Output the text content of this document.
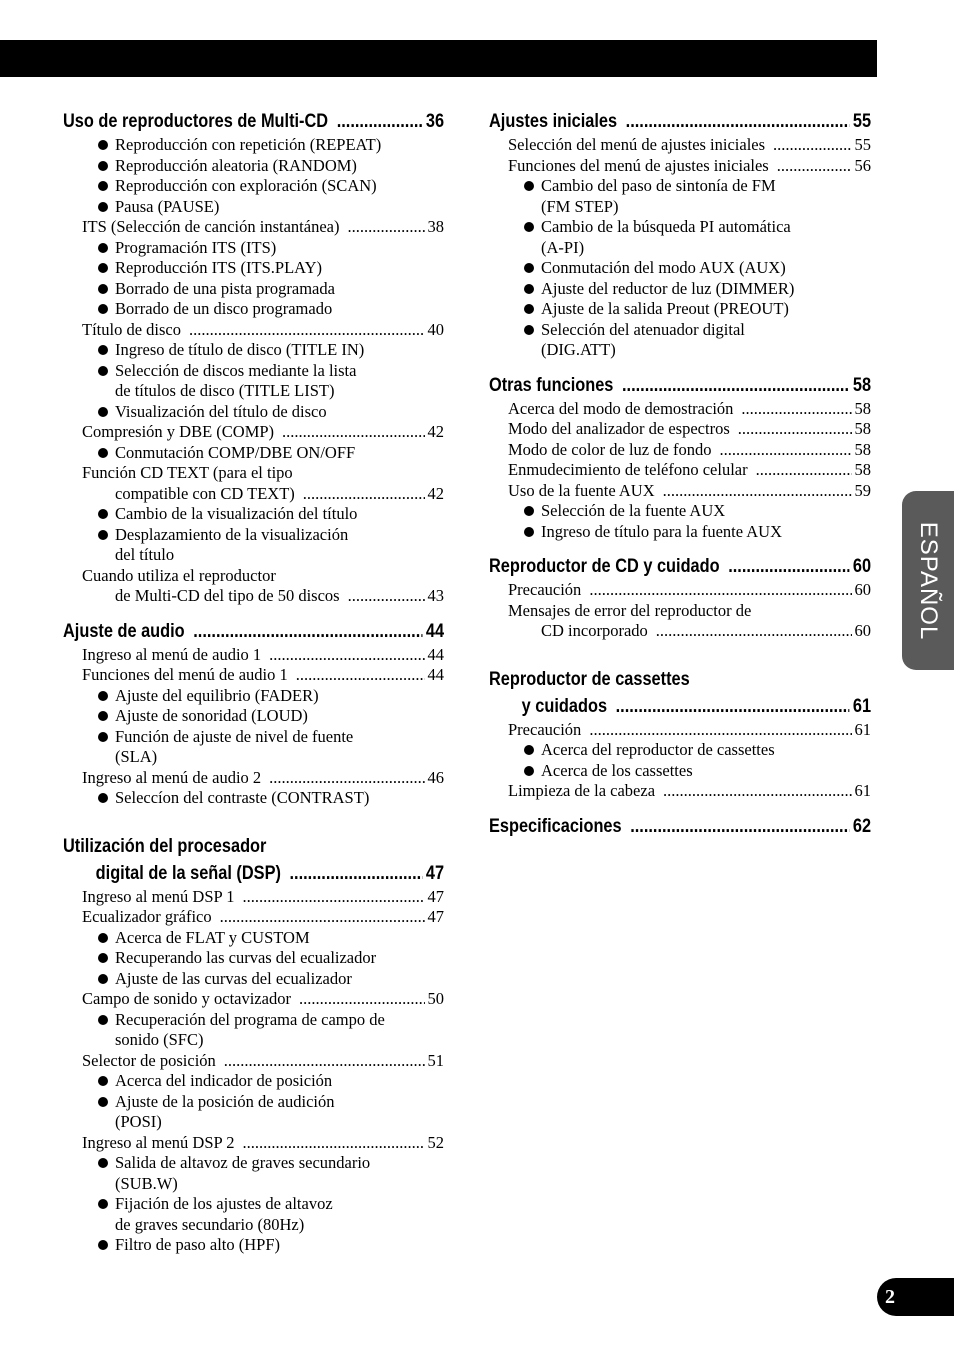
Uso de reproductores de Multi-CD .....	36
Reproducción con repetición (REPEAT)
Reproducción aleatoria (RANDOM)
Reproducción con exploración (SCAN)
Pausa (PAUSE)
ITS (Selección de canción instantánea) .....	38
Programación ITS (ITS)
Reproducción ITS (ITS.PLAY)
Borrado de una pista programada
Borrado de un disco programado
Título de disco .....	40
Ingreso de título de disco (TITLE IN)
Selección de discos mediante la lista
de títulos de disco (TITLE LIST)
Visualización del título de disco
Compresión y DBE (COMP) .....	42
Conmutación COMP/DBE ON/OFF
Función CD TEXT (para el tipo
compatible con CD TEXT) .....	42
Cambio de la visualización del título
Desplazamiento de la visualización
del título
Cuando utiliza el reproductor
de Multi-CD del tipo de 50 discos .....	43
Ajuste de audio .....	44
Ingreso al menú de audio 1 .....	44
Funciones del menú de audio 1 .....	44
Ajuste del equilibrio (FADER)
Ajuste de sonoridad (LOUD)
Función de ajuste de nivel de fuente
(SLA)
Ingreso al menú de audio 2 .....	46
Seleccíon del contraste (CONTRAST)
Utilización del procesador
digital de la señal (DSP) .....	47
Ingreso al menú DSP 1 .....	47
Ecualizador gráfico .....	47
Acerca de FLAT y CUSTOM
Recuperando las curvas del ecualizador
Ajuste de las curvas del ecualizador
Campo de sonido y octavizador .....	50
Recuperación del programa de campo de
sonido (SFC)
Selector de posición .....	51
Acerca del indicador de posición
Ajuste de la posición de audición
(POSI)
Ingreso al menú DSP 2 .....	52
Salida de altavoz de graves secundario
(SUB.W)
Fijación de los ajustes de altavoz
de graves secundario (80Hz)
Filtro de paso alto (HPF)
Ajustes iniciales .....	55
Selección del menú de ajustes iniciales .....	55
Funciones del menú de ajustes iniciales .....	56
Cambio del paso de sintonía de FM
(FM STEP)
Cambio de la búsqueda PI automática
(A-PI)
Conmutación del modo AUX (AUX)
Ajuste del reductor de luz (DIMMER)
Ajuste de la salida Preout (PREOUT)
Selección del atenuador digital
(DIG.ATT)
Otras funciones .....	58
Acerca del modo de demostración .....	58
Modo del analizador de espectros .....	58
Modo de color de luz de fondo .....	58
Enmudecimiento de teléfono celular .....	58
Uso de la fuente AUX .....	59
Selección de la fuente AUX
Ingreso de título para la fuente AUX
Reproductor de CD y cuidado .....	60
Precaución .....	60
Mensajes de error del reproductor de
CD incorporado .....	60
Reproductor de cassettes
y cuidados .....	61
Precaución .....	61
Acerca del reproductor de cassettes
Acerca de los cassettes
Limpieza de la cabeza .....	61
Especificaciones .....	62
ESPAÑOL
2
